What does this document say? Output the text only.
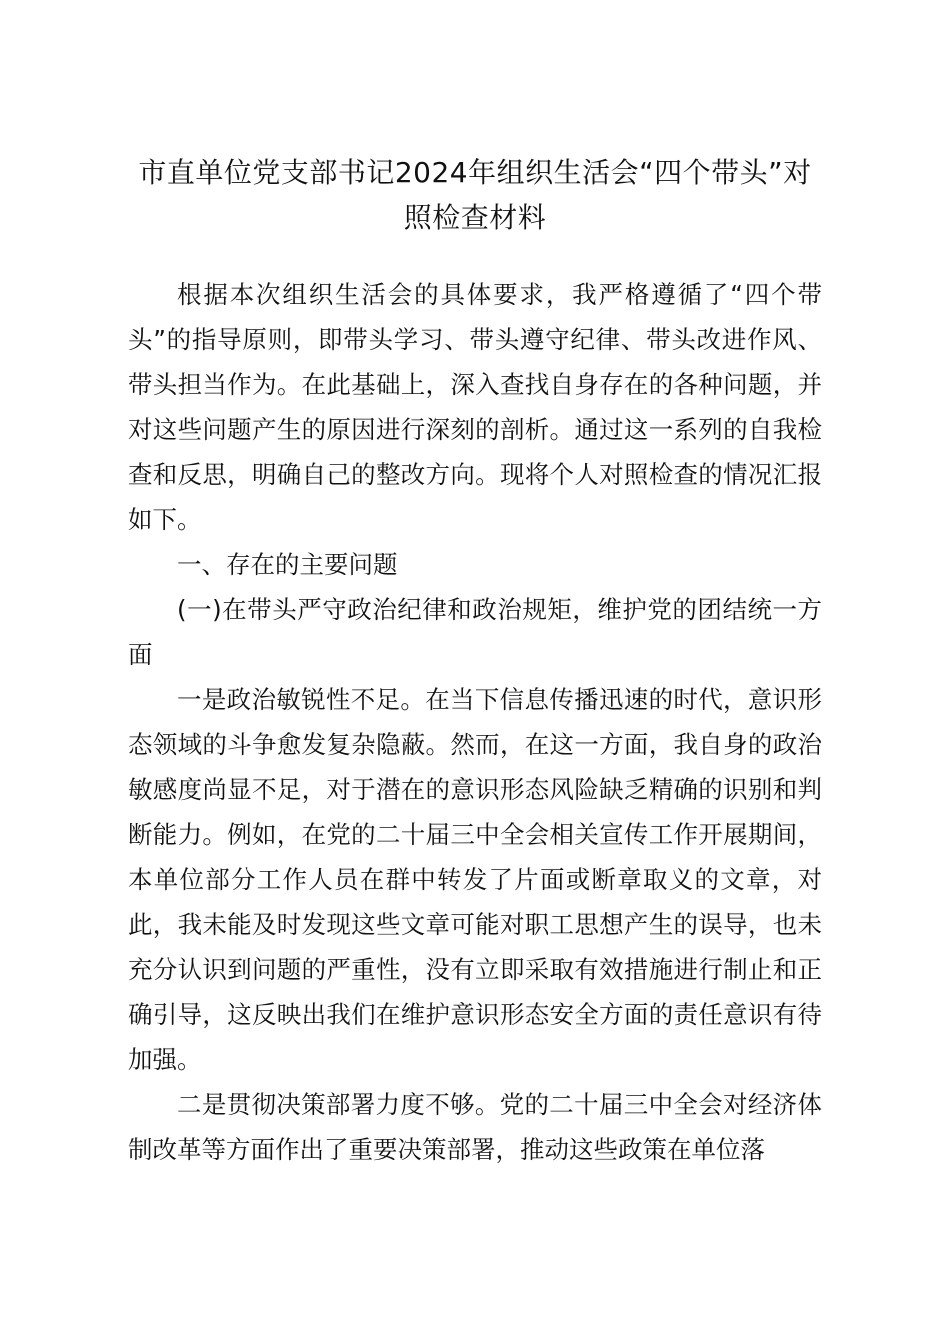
市直单位党支部书记2024年组织生活会“四个带头”对照检查材料

根据本次组织生活会的具体要求，我严格遵循了“四个带头”的指导原则，即带头学习、带头遵守纪律、带头改进作风、带头担当作为。在此基础上，深入查找自身存在的各种问题，并对这些问题产生的原因进行深刻的剖析。通过这一系列的自我检查和反思，明确自己的整改方向。现将个人对照检查的情况汇报如下。

一、存在的主要问题

(一)在带头严守政治纪律和政治规矩，维护党的团结统一方面

一是政治敏锐性不足。在当下信息传播迅速的时代，意识形态领域的斗争愈发复杂隐蔽。然而，在这一方面，我自身的政治敏感度尚显不足，对于潜在的意识形态风险缺乏精确的识别和判断能力。例如，在党的二十届三中全会相关宣传工作开展期间，本单位部分工作人员在群中转发了片面或断章取义的文章，对此，我未能及时发现这些文章可能对职工思想产生的误导，也未充分认识到问题的严重性，没有立即采取有效措施进行制止和正确引导，这反映出我们在维护意识形态安全方面的责任意识有待加强。

二是贯彻决策部署力度不够。党的二十届三中全会对经济体制改革等方面作出了重要决策部署，推动这些政策在单位落
